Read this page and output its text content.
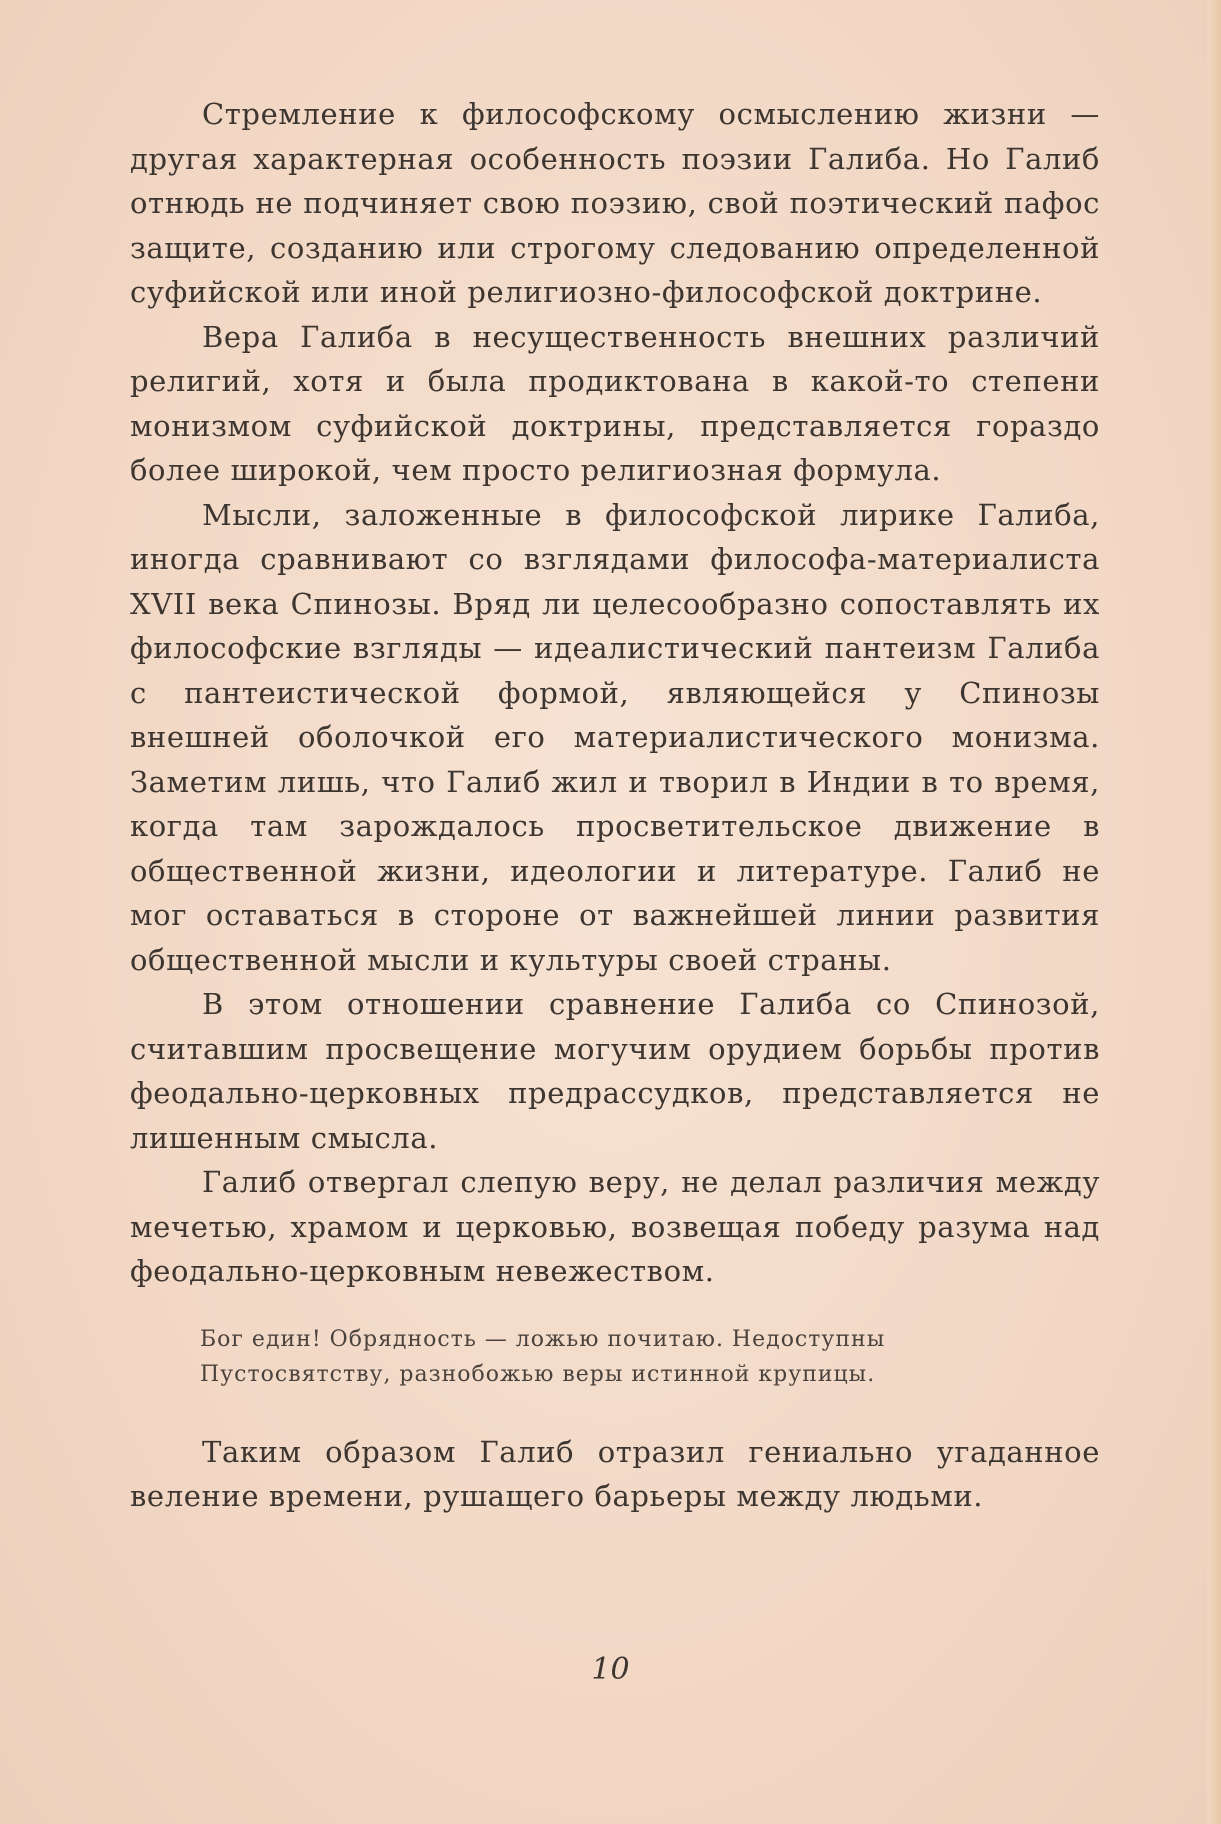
Стремление к философскому осмыслению жизни — другая характерная особенность поэзии Галиба. Но Галиб отнюдь не подчиняет свою поэзию, свой поэтический пафос защите, созданию или строгому следованию определенной суфийской или иной религиозно-философской доктрине.

Вера Галиба в несущественность внешних различий религий, хотя и была продиктована в какой-то степени монизмом суфийской доктрины, представляется гораздо более широкой, чем просто религиозная формула.

Мысли, заложенные в философской лирике Галиба, иногда сравнивают со взглядами философа-материалиста XVII века Спинозы. Вряд ли целесообразно сопоставлять их философские взгляды — идеалистический пантеизм Галиба с пантеистической формой, являющейся у Спинозы внешней оболочкой его материалистического монизма. Заметим лишь, что Галиб жил и творил в Индии в то время, когда там зарождалось просветительское движение в общественной жизни, идеологии и литературе. Галиб не мог оставаться в стороне от важнейшей линии развития общественной мысли и культуры своей страны.

В этом отношении сравнение Галиба со Спинозой, считавшим просвещение могучим орудием борьбы против феодально-церковных предрассудков, представляется не лишенным смысла.

Галиб отвергал слепую веру, не делал различия между мечетью, храмом и церковью, возвещая победу разума над феодально-церковным невежеством.

Бог един! Обрядность — ложью почитаю. Недоступны
Пустосвятству, разнобожью веры истинной крупицы.

Таким образом Галиб отразил гениально угаданное веление времени, рушащего барьеры между людьми.

10
